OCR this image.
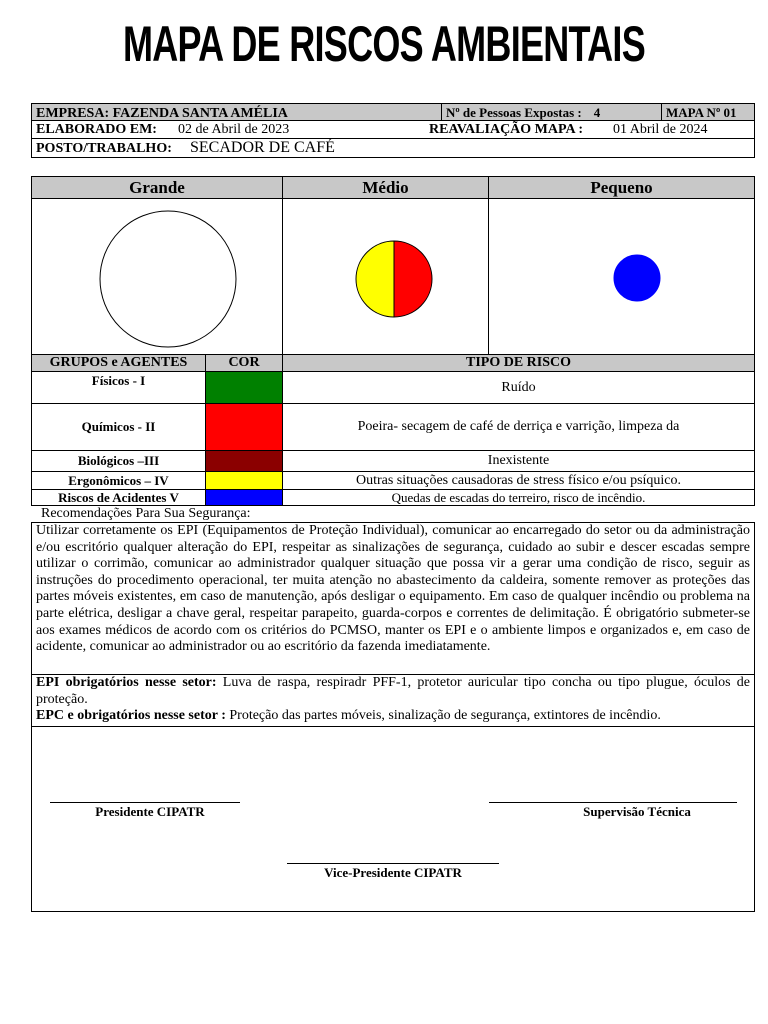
MAPA DE RISCOS AMBIENTAIS
EMPRESA: FAZENDA SANTA AMÉLIA	Nº de Pessoas Expostas : 4	MAPA Nº 01
ELABORADO EM: 02 de Abril de 2023	REAVALIAÇÃO MAPA : 01 Abril de 2024
POSTO/TRABALHO: SECADOR DE CAFÉ
Grande	Médio	Pequeno
GRUPOS e AGENTES	COR	TIPO DE RISCO
Físicos - I	Ruído
Químicos - II	Poeira- secagem de café de derriça e varrição, limpeza da
Biológicos –III	Inexistente
Ergonômicos – IV	Outras situações causadoras de stress físico e/ou psíquico.
Riscos de Acidentes V	Quedas de escadas do terreiro, risco de incêndio.
Recomendações Para Sua Segurança:
Utilizar corretamente os EPI (Equipamentos de Proteção Individual), comunicar ao encarregado do setor ou da administração e/ou escritório qualquer alteração do EPI, respeitar as sinalizações de segurança, cuidado ao subir e descer escadas sempre utilizar o corrimão, comunicar ao administrador qualquer situação que possa vir a gerar uma condição de risco, seguir as instruções do procedimento operacional, ter muita atenção no abastecimento da caldeira, somente remover as proteções das partes móveis existentes, em caso de manutenção, após desligar o equipamento. Em caso de qualquer incêndio ou problema na parte elétrica, desligar a chave geral, respeitar parapeito, guarda-corpos e correntes de delimitação. É obrigatório submeter-se aos exames médicos de acordo com os critérios do PCMSO, manter os EPI e o ambiente limpos e organizados e, em caso de acidente, comunicar ao administrador ou ao escritório da fazenda imediatamente.
EPI obrigatórios nesse setor: Luva de raspa, respiradr PFF-1, protetor auricular tipo concha ou tipo plugue, óculos de proteção.
EPC e obrigatórios nesse setor : Proteção das partes móveis, sinalização de segurança, extintores de incêndio.
Presidente CIPATR	Supervisão Técnica
Vice-Presidente CIPATR
